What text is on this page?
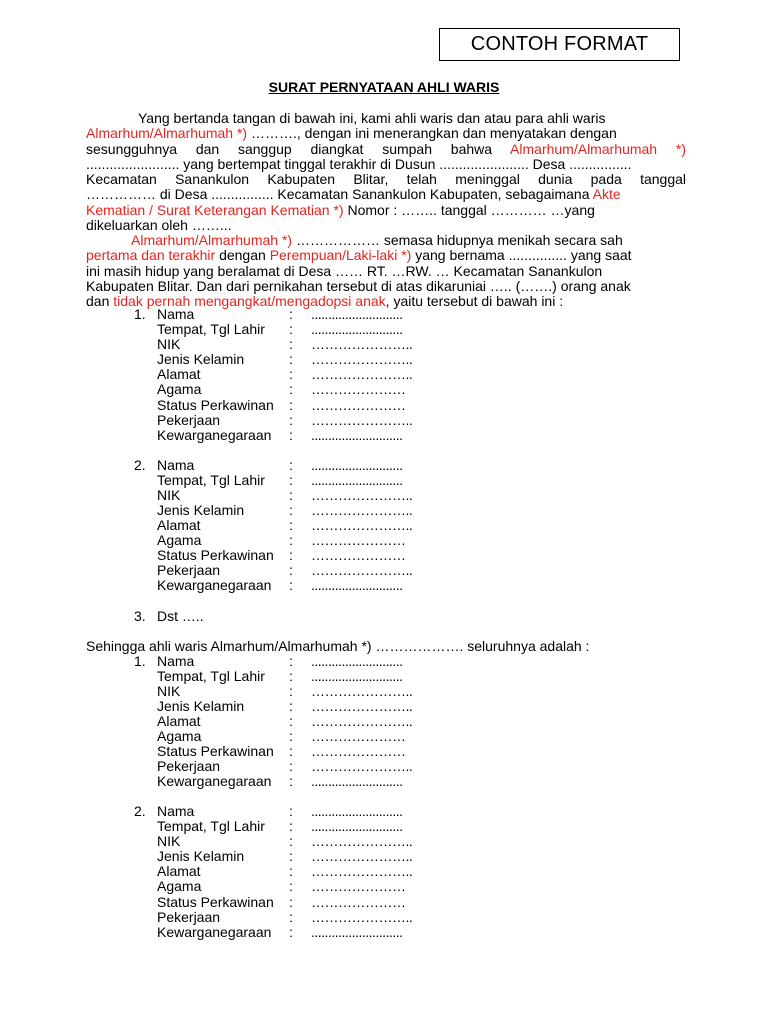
CONTOH FORMAT
SURAT PERNYATAAN AHLI WARIS
Yang bertanda tangan di bawah ini, kami ahli waris dan atau para ahli waris
Almarhum/Almarhumah *) ………., dengan ini menerangkan dan menyatakan dengan
sesungguhnya dan sanggup diangkat sumpah bahwa Almarhum/Almarhumah *)
........................ yang bertempat tinggal terakhir di Dusun ....................... Desa ................
Kecamatan Sanankulon Kabupaten Blitar, telah meninggal dunia pada tanggal
…………… di Desa ................ Kecamatan Sanankulon Kabupaten, sebagaimana Akte
Kematian / Surat Keterangan Kematian *) Nomor : …….. tanggal ………… …yang
dikeluarkan oleh ……...
Almarhum/Almarhumah *) ……………… semasa hidupnya menikah secara sah
pertama dan terakhir dengan Perempuan/Laki-laki *) yang bernama ............... yang saat
ini masih hidup yang beralamat di Desa …… RT. …RW. … Kecamatan Sanankulon
Kabupaten Blitar. Dan dari pernikahan tersebut di atas dikaruniai ….. (…….) orang anak
dan tidak pernah mengangkat/mengadopsi anak, yaitu tersebut di bawah ini :
1. Nama	: ...........................
Tempat, Tgl Lahir : ...........................
NIK	: …………………..
Jenis Kelamin	: …………………..
Alamat	: …………………..
Agama	: …………………
Status Perkawinan : …………………
Pekerjaan	: …………………..
Kewarganegaraan : ...........................
2. Nama	: ...........................
Tempat, Tgl Lahir : ...........................
NIK	: …………………..
Jenis Kelamin	: …………………..
Alamat	: …………………..
Agama	: …………………
Status Perkawinan : …………………
Pekerjaan	: …………………..
Kewarganegaraan : ...........................
3. Dst …..
Sehingga ahli waris Almarhum/Almarhumah *) ………………. seluruhnya adalah :
1. Nama	: ...........................
Tempat, Tgl Lahir : ...........................
NIK	: …………………..
Jenis Kelamin	: …………………..
Alamat	: …………………..
Agama	: …………………
Status Perkawinan : …………………
Pekerjaan	: …………………..
Kewarganegaraan : ...........................
2. Nama	: ...........................
Tempat, Tgl Lahir : ...........................
NIK	: …………………..
Jenis Kelamin	: …………………..
Alamat	: …………………..
Agama	: …………………
Status Perkawinan : …………………
Pekerjaan	: …………………..
Kewarganegaraan : ...........................
